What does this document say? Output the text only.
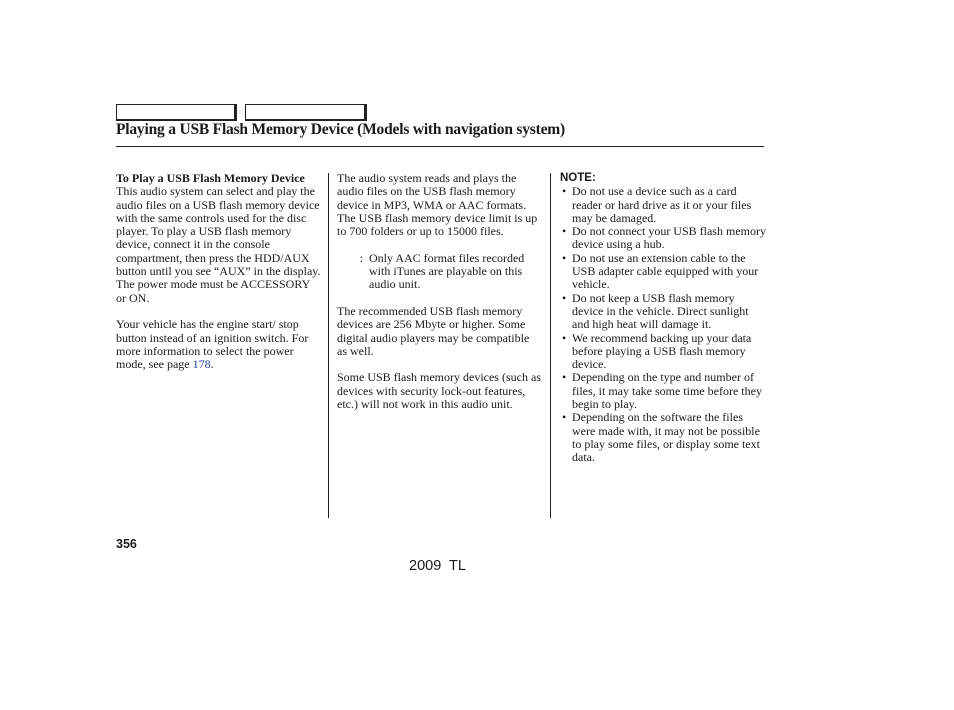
Playing a USB Flash Memory Device (Models with navigation system)

To Play a USB Flash Memory Device

This audio system can select and play the audio files on a USB flash memory device with the same controls used for the disc player. To play a USB flash memory device, connect it in the console compartment, then press the HDD/AUX button until you see “AUX” in the display. The power mode must be ACCESSORY or ON.

Your vehicle has the engine start/ stop button instead of an ignition switch. For more information to select the power mode, see page 178.

The audio system reads and plays the audio files on the USB flash memory device in MP3, WMA or AAC formats. The USB flash memory device limit is up to 700 folders or up to 15000 files.

: Only AAC format files recorded with iTunes are playable on this audio unit.

The recommended USB flash memory devices are 256 Mbyte or higher. Some digital audio players may be compatible as well.

Some USB flash memory devices (such as devices with security lock-out features, etc.) will not work in this audio unit.

NOTE:

• Do not use a device such as a card reader or hard drive as it or your files may be damaged.
• Do not connect your USB flash memory device using a hub.
• Do not use an extension cable to the USB adapter cable equipped with your vehicle.
• Do not keep a USB flash memory device in the vehicle. Direct sunlight and high heat will damage it.
• We recommend backing up your data before playing a USB flash memory device.
• Depending on the type and number of files, it may take some time before they begin to play.
• Depending on the software the files were made with, it may not be possible to play some files, or display some text data.
356
2009  TL
